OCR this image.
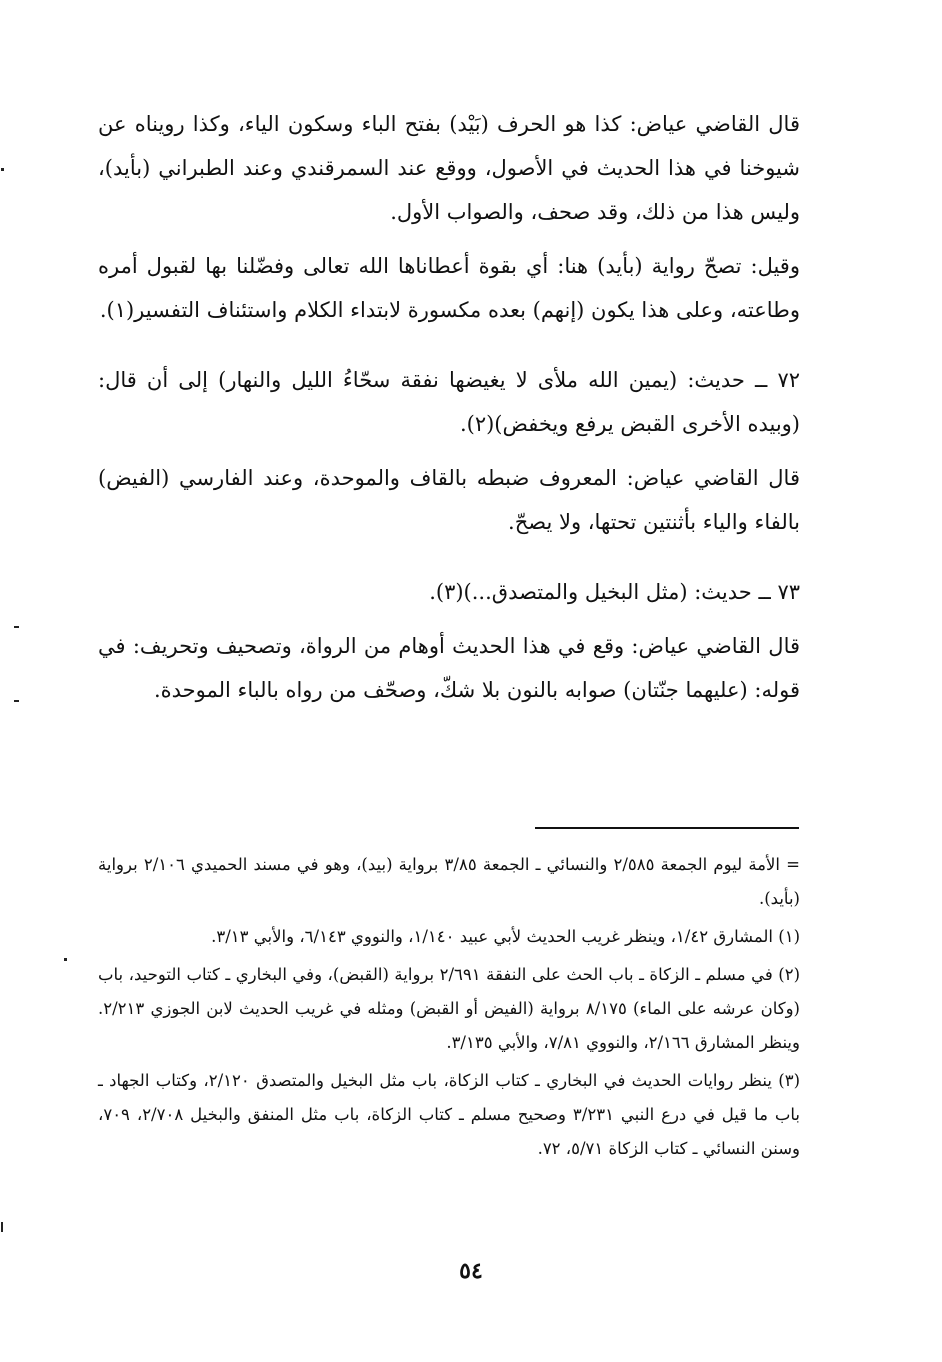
قال القاضي عياض: كذا هو الحرف (بَيْد) بفتح الباء وسكون الياء، وكذا رويناه عن شيوخنا في هذا الحديث في الأصول، ووقع عند السمرقندي وعند الطبراني (بأيد)، وليس هذا من ذلك، وقد صحف، والصواب الأول.

وقيل: تصحّ رواية (بأيد) هنا: أي بقوة أعطاناها الله تعالى وفضّلنا بها لقبول أمره وطاعته، وعلى هذا يكون (إنهم) بعده مكسورة لابتداء الكلام واستئناف التفسير(١).

٧٢ ــ حديث: (يمين الله ملأى لا يغيضها نفقة سحّاءُ الليل والنهار) إلى أن قال: (وبيده الأخرى القبض يرفع ويخفض)(٢).

قال القاضي عياض: المعروف ضبطه بالقاف والموحدة، وعند الفارسي (الفيض) بالفاء والياء بأثنتين تحتها، ولا يصحّ.

٧٣ ــ حديث: (مثل البخيل والمتصدق...)(٣).

قال القاضي عياض: وقع في هذا الحديث أوهام من الرواة، وتصحيف وتحريف: في قوله: (عليهما جنّتان) صوابه بالنون بلا شكّ، وصحّف من رواه بالباء الموحدة.

= الأمة ليوم الجمعة ٢/٥٨٥ والنسائي ـ الجمعة ٣/٨٥ برواية (بيد)، وهو في مسند الحميدي ٢/١٠٦ برواية (بأيد).

(١) المشارق ١/٤٢، وينظر غريب الحديث لأبي عبيد ١/١٤٠، والنووي ٦/١٤٣، والأبي ٣/١٣.

(٢) في مسلم ـ الزكاة ـ باب الحث على النفقة ٢/٦٩١ برواية (القبض)، وفي البخاري ـ كتاب التوحيد، باب (وكان عرشه على الماء) ٨/١٧٥ برواية (الفيض أو القبض) ومثله في غريب الحديث لابن الجوزي ٢/٢١٣. وينظر المشارق ٢/١٦٦، والنووي ٧/٨١، والأبي ٣/١٣٥.

(٣) ينظر روايات الحديث في البخاري ـ كتاب الزكاة، باب مثل البخيل والمتصدق ٢/١٢٠، وكتاب الجهاد ـ باب ما قيل في درع النبي ٣/٢٣١ وصحيح مسلم ـ كتاب الزكاة، باب مثل المنفق والبخيل ٢/٧٠٨، ٧٠٩، وسنن النسائي ـ كتاب الزكاة ٥/٧١، ٧٢.

٥٤
